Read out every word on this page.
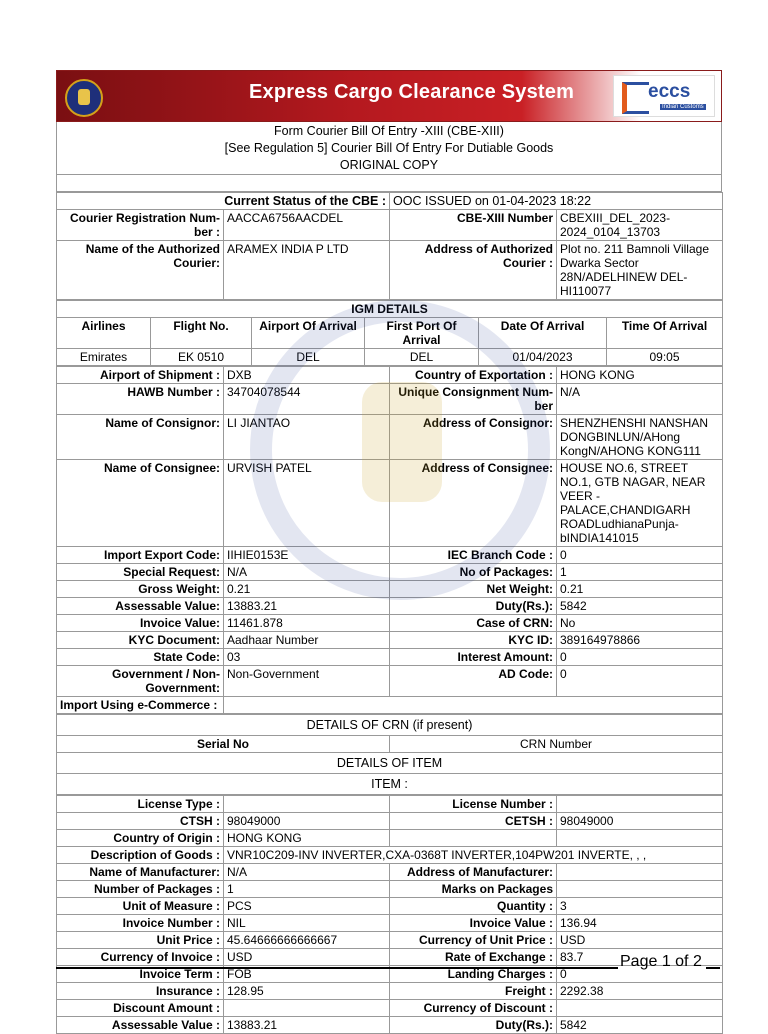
Express Cargo Clearance System	eccs
Indian Customs
Form Courier Bill Of Entry -XIII (CBE-XIII)
[See Regulation 5] Courier Bill Of Entry For Dutiable Goods
ORIGINAL COPY
Current Status of the CBE :		OOC ISSUED on 01-04-2023 18:22	
Courier Registration Num-ber :	AACCA6756AACDEL	CBE-XIII Number	CBEXIII_DEL_2023-2024_0104_13703
Name of the Authorized Courier:	ARAMEX INDIA P LTD	Address of Authorized Courier :	Plot no. 211 Bamnoli Village Dwarka Sector 28N/ADELHINEW DEL-HI110077
IGM DETAILS					
Airlines	Flight No.	Airport Of Arrival	First Port Of Arrival	Date Of Arrival	Time Of Arrival
Emirates	EK 0510	DEL	DEL	01/04/2023	09:05
Airport of Shipment :	DXB	Country of Exportation :	HONG KONG
HAWB Number :	34704078544	Unique Consignment Num-ber	N/A
Name of Consignor:	LI JIANTAO	Address of Consignor:	SHENZHENSHI NANSHAN DONGBINLUN/AHong KongN/AHONG KONG111
Name of Consignee:	URVISH PATEL	Address of Consignee:	HOUSE NO.6, STREET NO.1, GTB NAGAR, NEAR VEER - PALACE,CHANDIGARH ROADLudhianaPunja-bINDIA141015
Import Export Code:	IIHIE0153E	IEC Branch Code :	0
Special Request:	N/A	No of Packages:	1
Gross Weight:	0.21	Net Weight:	0.21
Assessable Value:	13883.21	Duty(Rs.):	5842
Invoice Value:	11461.878	Case of CRN:	No
KYC Document:	Aadhaar Number	KYC ID:	389164978866
State Code:	03	Interest Amount:	0
Government / Non-Government:	Non-Government	AD Code:	0
Import Using e-Commerce :			
DETAILS OF CRN (if present)
Serial No	CRN Number
DETAILS OF ITEM
ITEM :
License Type :		License Number :	
CTSH :	98049000	CETSH :	98049000
Country of Origin :	HONG KONG		
Description of Goods :	VNR10C209-INV INVERTER,CXA-0368T INVERTER,104PW201 INVERTE, , ,		
Name of Manufacturer:	N/A	Address of Manufacturer:	
Number of Packages :	1	Marks on Packages	
Unit of Measure :	PCS	Quantity :	3
Invoice Number :	NIL	Invoice Value :	136.94
Unit Price :	45.64666666666667	Currency of Unit Price :	USD
Currency of Invoice :	USD	Rate of Exchange :	83.7
Invoice Term :	FOB	Landing Charges :	0
Insurance :	128.95	Freight :	2292.38
Discount Amount :		Currency of Discount :	
Assessable Value :	13883.21	Duty(Rs.):	5842
Page 1 of 2
